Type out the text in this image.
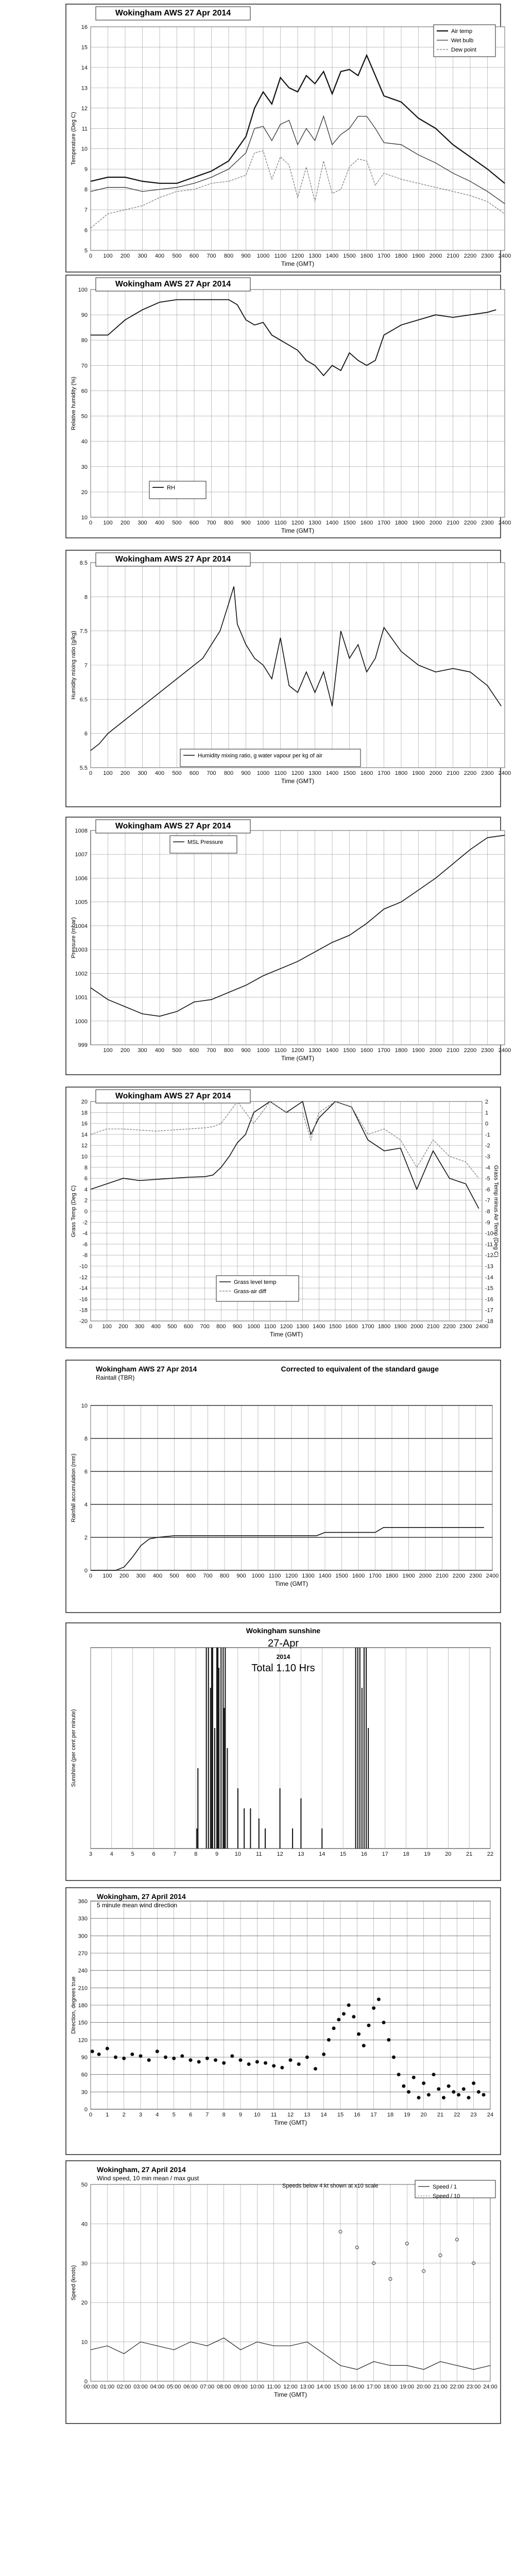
0 100 200 300 400 500 600 700 800 900 1000 1100 1200 1300 1400 1500 1600 1700 1800 1900 2000 2100 2200 2300 2400
5
6
7
8
9
10
11
12
13
14
15
16
Time (GMT)
Temperature (Deg C)
Wokingham AWS 27 Apr 2014
Air temp
Wet bulb
Dew point
0 100 200 300 400 500 600 700 800 900 1000 1100 1200 1300 1400 1500 1600 1700 1800 1900 2000 2100 2200 2300 2400
10
20
30
40
50
60
70
80
90
100
Time (GMT)
Relative humidity (%)
Wokingham AWS 27 Apr 2014
RH
0 100 200 300 400 500 600 700 800 900 1000 1100 1200 1300 1400 1500 1600 1700 1800 1900 2000 2100 2200 2300 2400
5.5
6
6.5
7
7.5
8
8.5
Time (GMT)
Humidity mixing ratio (g/kg)
Wokingham AWS 27 Apr 2014
Humidity mixing ratio, g water vapour per kg of air
100 200 300 400 500 600 700 800 900 1000 1100 1200 1300 1400 1500 1600 1700 1800 1900 2000 2100 2200 2300 2400
999
1000
1001
1002
1003
1004
1005
1006
1007
1008
Time (GMT)
Pressure (mbar)
Wokingham AWS 27 Apr 2014
MSL Pressure
0 100 200 300 400 500 600 700 800 900 1000 1100 1200 1300 1400 1500 1600 1700 1800 1900 2000 2100 2200 2300 2400
-20
-18
-16
-14
-12
-10
-8
-6
-4
-2
0
2
4
6
8
10
12
14
16
18
20
-18
-17
-16
-15
-14
-13
-12
-11
-10
-9
-8
-7
-6
-5
-4
-3
-2
-1
0
1
2
Time (GMT)
Grass Temp (Deg C)	Grass Temp minus Air Temp (Deg C)
Wokingham AWS 27 Apr 2014
Grass level temp
Grass-air diff
0 100 200 300 400 500 600 700 800 900 1000 1100 1200 1300 1400 1500 1600 1700 1800 1900 2000 2100 2200 2300 2400
0
2
4
6
8
10
Time (GMT)
Rainfall accumulation (mm)
Wokingham AWS 27 Apr 2014
Raintall (TBR)
Corrected to equivalent of the standard gauge
3	4	5	6	7	8	9	10	11	12	13	14	15	16	17	18	19	20	21	22
Sunshine (per cent per minute)
Wokingham sunshine
27-Apr
2014
Total 1.10 Hrs
0 1 2 3 4 5 6 7 8 9 10 11 12 13 14 15 16 17 18 19 20 21 22 23 24
0
30
60
90
120
150
180
210
240
270
300
330
360
Time (GMT)
Direction, degrees true
Wokingham, 27 April 2014
5 minute mean wind direction
00:00 01:00 02:00 03:00 04:00 05:00 06:00 07:00 08:00 09:00 10:00 11:00 12:00 13:00 14:00 15:00 16:00 17:00 18:00 19:00 20:00 21:00 22:00 23:00 24:00
0
10
20
30
40
50
Time (GMT)
Speed (knots)
Wokingham, 27 April 2014
Wind speed, 10 min mean / max gust
Speeds below 4 kt shown at x10 scale	Speed / 1
Speed / 10
